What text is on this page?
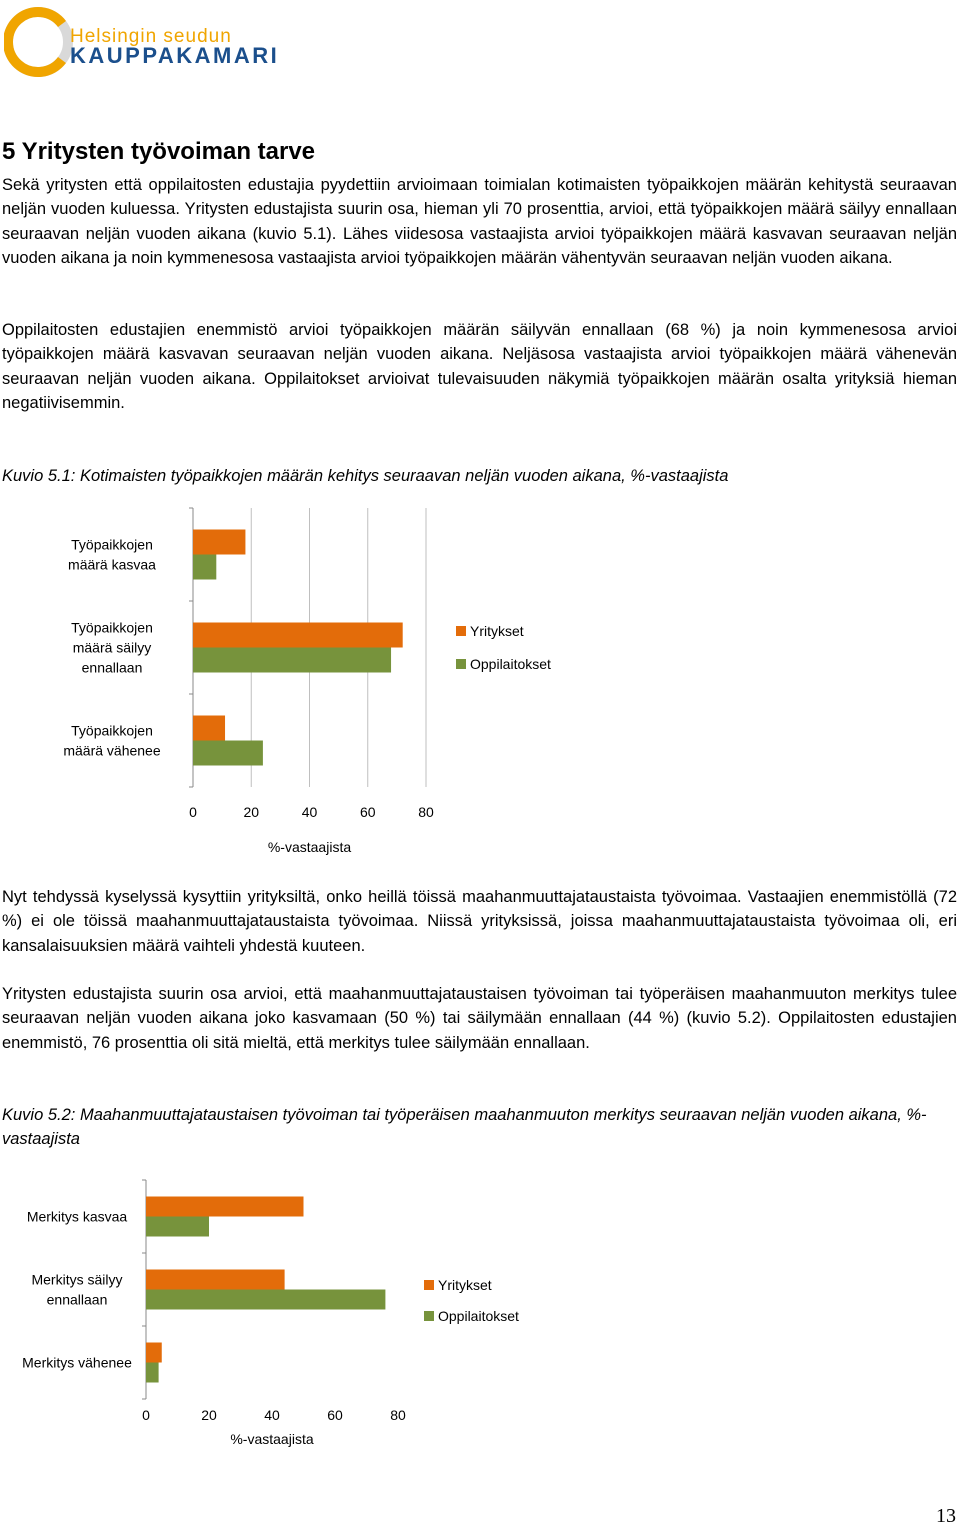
Helsingin seudun
KAUPPAKAMARI
5 Yritysten työvoiman tarve

Sekä yritysten että oppilaitosten edustajia pyydettiin arvioimaan toimialan kotimaisten työpaikkojen määrän kehitystä seuraavan neljän vuoden kuluessa. Yritysten edustajista suurin osa, hieman yli 70 prosenttia, arvioi, että työpaikkojen määrä säilyy ennallaan seuraavan neljän vuoden aikana (kuvio 5.1). Lähes viidesosa vastaajista arvioi työpaikkojen määrä kasvavan seuraavan neljän vuoden aikana ja noin kymmenesosa vastaajista arvioi työpaikkojen määrän vähentyvän seuraavan neljän vuoden aikana.

Oppilaitosten edustajien enemmistö arvioi työpaikkojen määrän säilyvän ennallaan (68 %) ja noin kymmenesosa arvioi työpaikkojen määrä kasvavan seuraavan neljän vuoden aikana. Neljäsosa vastaajista arvioi työpaikkojen määrä vähenevän seuraavan neljän vuoden aikana. Oppilaitokset arvioivat tulevaisuuden näkymiä työpaikkojen määrän osalta yrityksiä hieman negatiivisemmin.

Kuvio 5.1: Kotimaisten työpaikkojen määrän kehitys seuraavan neljän vuoden aikana, %-vastaajista

Työpaikkojen määrä kasvaa
Työpaikkojen määrä säilyy ennallaan
Työpaikkojen määrä vähenee
0	20	40	60	80
%-vastaajista
Yritykset
Oppilaitokset

Nyt tehdyssä kyselyssä kysyttiin yrityksiltä, onko heillä töissä maahanmuuttajataustaista työvoimaa. Vastaajien enemmistöllä (72 %) ei ole töissä maahanmuuttajataustaista työvoimaa. Niissä yrityksissä, joissa maahanmuuttajataustaista työvoimaa oli, eri kansalaisuuksien määrä vaihteli yhdestä kuuteen.

Yritysten edustajista suurin osa arvioi, että maahanmuuttajataustaisen työvoiman tai työperäisen maahanmuuton merkitys tulee seuraavan neljän vuoden aikana joko kasvamaan (50 %) tai säilymään ennallaan (44 %) (kuvio 5.2). Oppilaitosten edustajien enemmistö, 76 prosenttia oli sitä mieltä, että merkitys tulee säilymään ennallaan.

Kuvio 5.2: Maahanmuuttajataustaisen työvoiman tai työperäisen maahanmuuton merkitys seuraavan neljän vuoden aikana, %-vastaajista

Merkitys kasvaa
Merkitys säilyy ennallaan
Merkitys vähenee
0	20	40	60	80
%-vastaajista
Yritykset
Oppilaitokset
13
